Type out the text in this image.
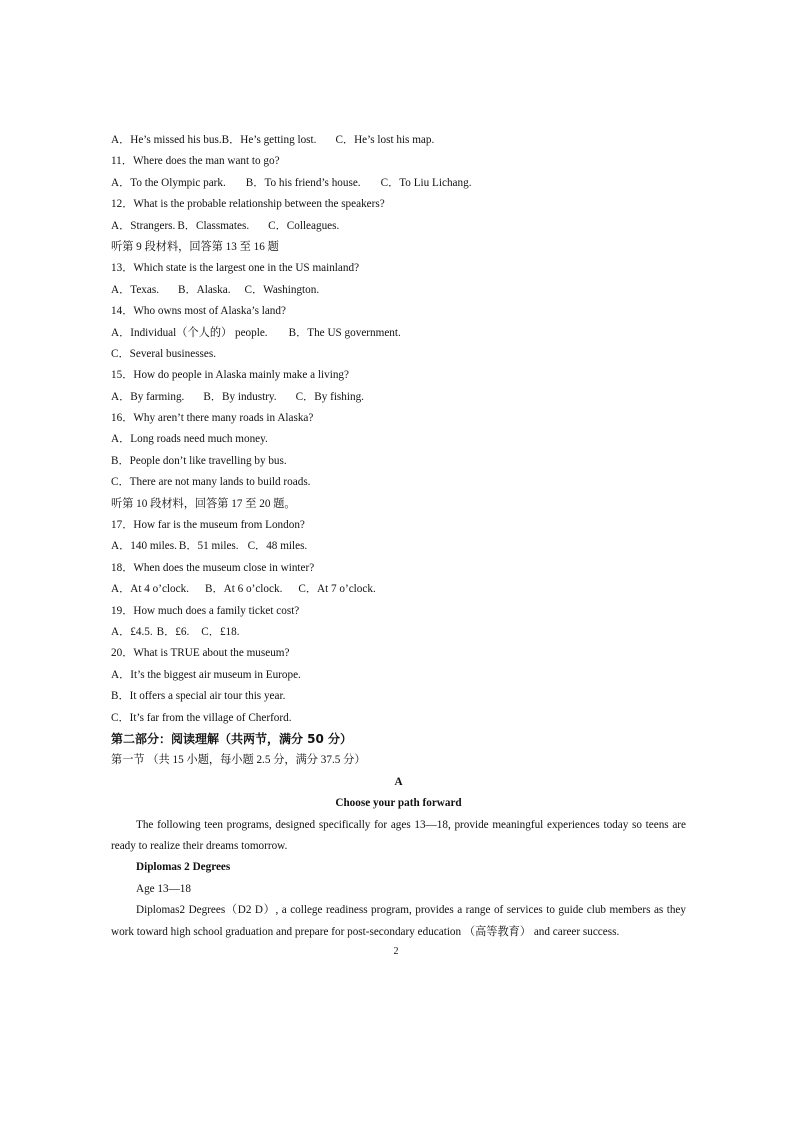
A．He’s missed his bus.B．He’s getting lost. C．He’s lost his map.
11．Where does the man want to go?
A．To the Olympic park. B．To his friend’s house. C．To Liu Lichang.
12．What is the probable relationship between the speakers?
A．Strangers. B．Classmates. C．Colleagues.
听第 9 段材料，回答第 13 至 16 题
13．Which state is the largest one in the US mainland?
A．Texas. B．Alaska. C．Washington.
14．Who owns most of Alaska’s land?
A．Individual（个人的） people. B．The US government.
C．Several businesses.
15．How do people in Alaska mainly make a living?
A．By farming. B．By industry. C．By fishing.
16．Why aren’t there many roads in Alaska?
A．Long roads need much money.
B．People don’t like travelling by bus.
C．There are not many lands to build roads.
听第 10 段材料，回答第 17 至 20 题。
17．How far is the museum from London?
A．140 miles. B．51 miles. C．48 miles.
18．When does the museum close in winter?
A．At 4 o’clock. B．At 6 o’clock. C．At 7 o’clock.
19．How much does a family ticket cost?
A．£4.5. B．£6. C．£18.
20．What is TRUE about the museum?
A．It’s the biggest air museum in Europe.
B．It offers a special air tour this year.
C．It’s far from the village of Cherford.
第二部分：阅读理解（共两节，满分 50 分）
第一节 （共 15 小题，每小题 2.5 分，满分 37.5 分）
A
Choose your path forward
The following teen programs, designed specifically for ages 13—18, provide meaningful experiences today so teens are ready to realize their dreams tomorrow.
Diplomas 2 Degrees
Age 13—18
Diplomas2 Degrees（D2 D）, a college readiness program, provides a range of services to guide club members as they work toward high school graduation and prepare for post-secondary education （高等教育） and career success.
2
